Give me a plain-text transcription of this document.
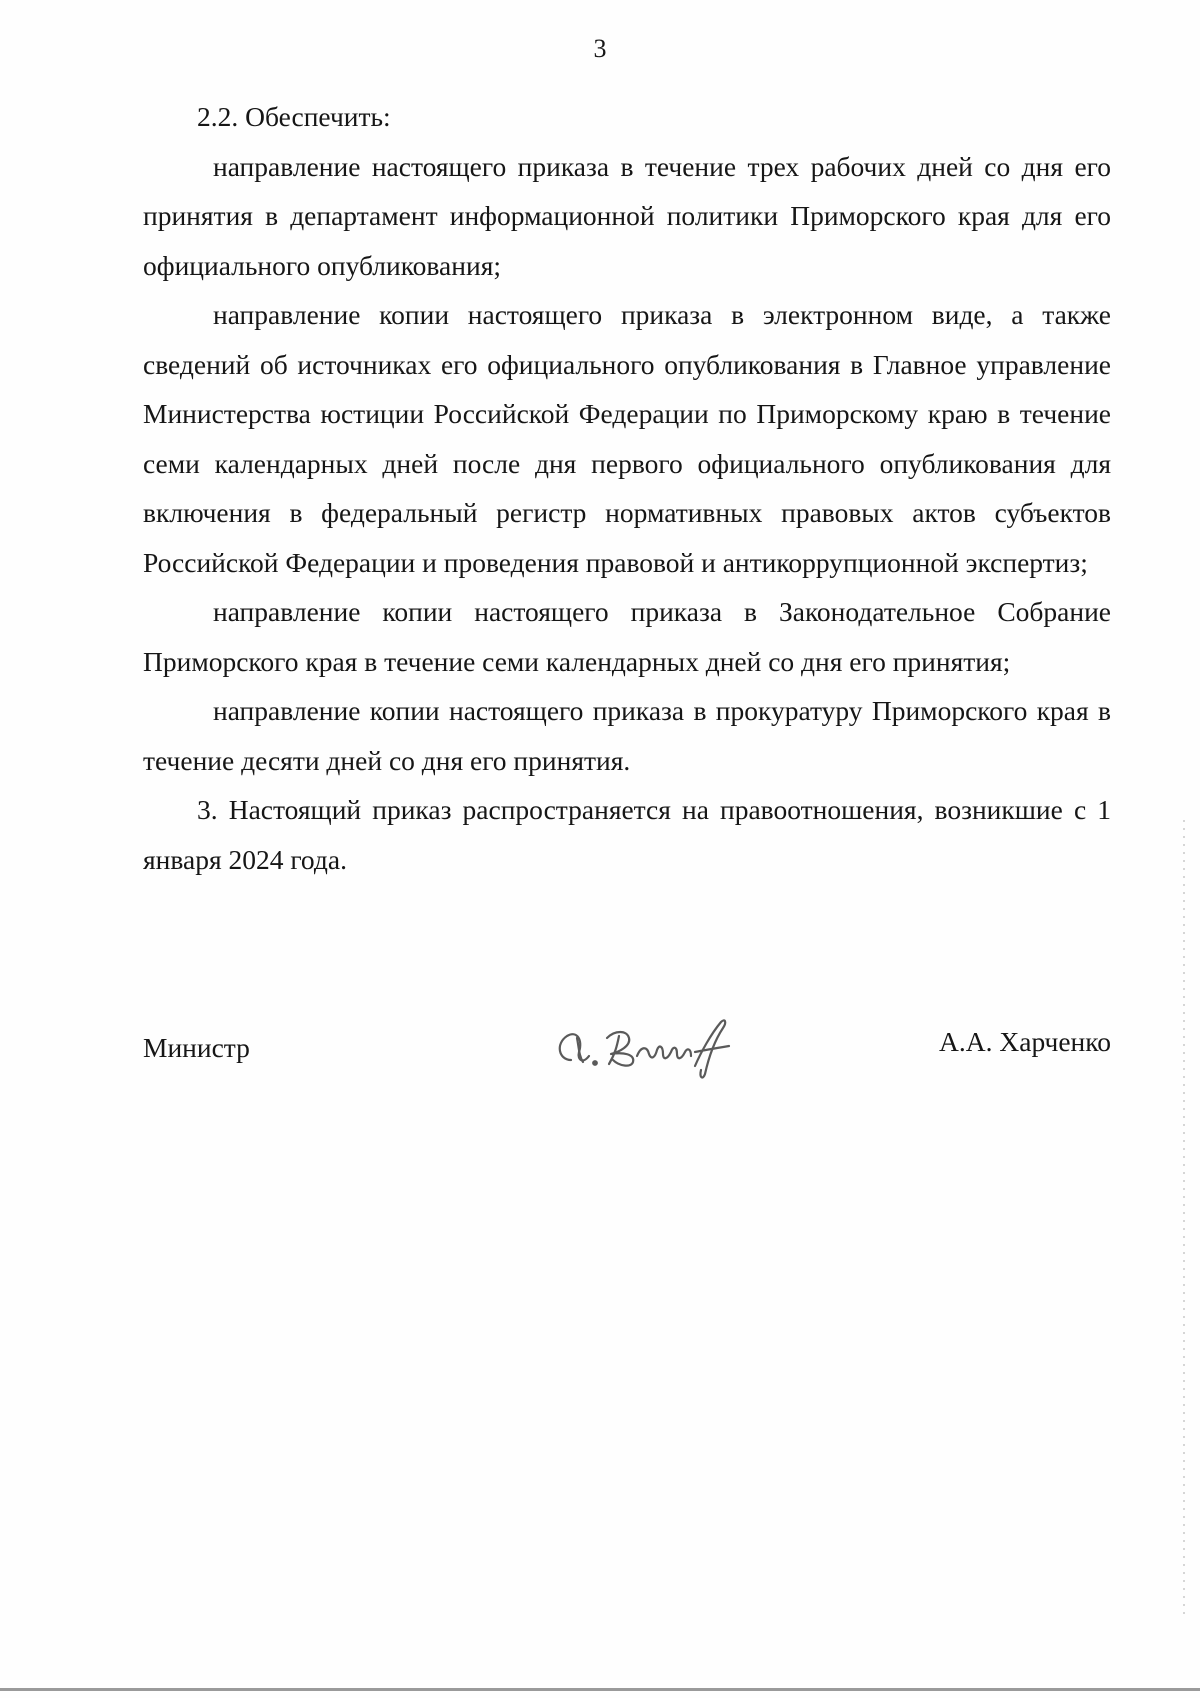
3

2.2. Обеспечить:

направление настоящего приказа в течение трех рабочих дней со дня его принятия в департамент информационной политики Приморского края для его официального опубликования;

направление копии настоящего приказа в электронном виде, а также сведений об источниках его официального опубликования в Главное управление Министерства юстиции Российской Федерации по Приморскому краю в течение семи календарных дней после дня первого официального опубликования для включения в федеральный регистр нормативных правовых актов субъектов Российской Федерации и проведения правовой и антикоррупционной экспертиз;

направление копии настоящего приказа в Законодательное Собрание Приморского края в течение семи календарных дней со дня его принятия;

направление копии настоящего приказа в прокуратуру Приморского края в течение десяти дней со дня его принятия.

3. Настоящий приказ распространяется на правоотношения, возникшие с 1 января 2024 года.

Министр	А.А. Харченко
